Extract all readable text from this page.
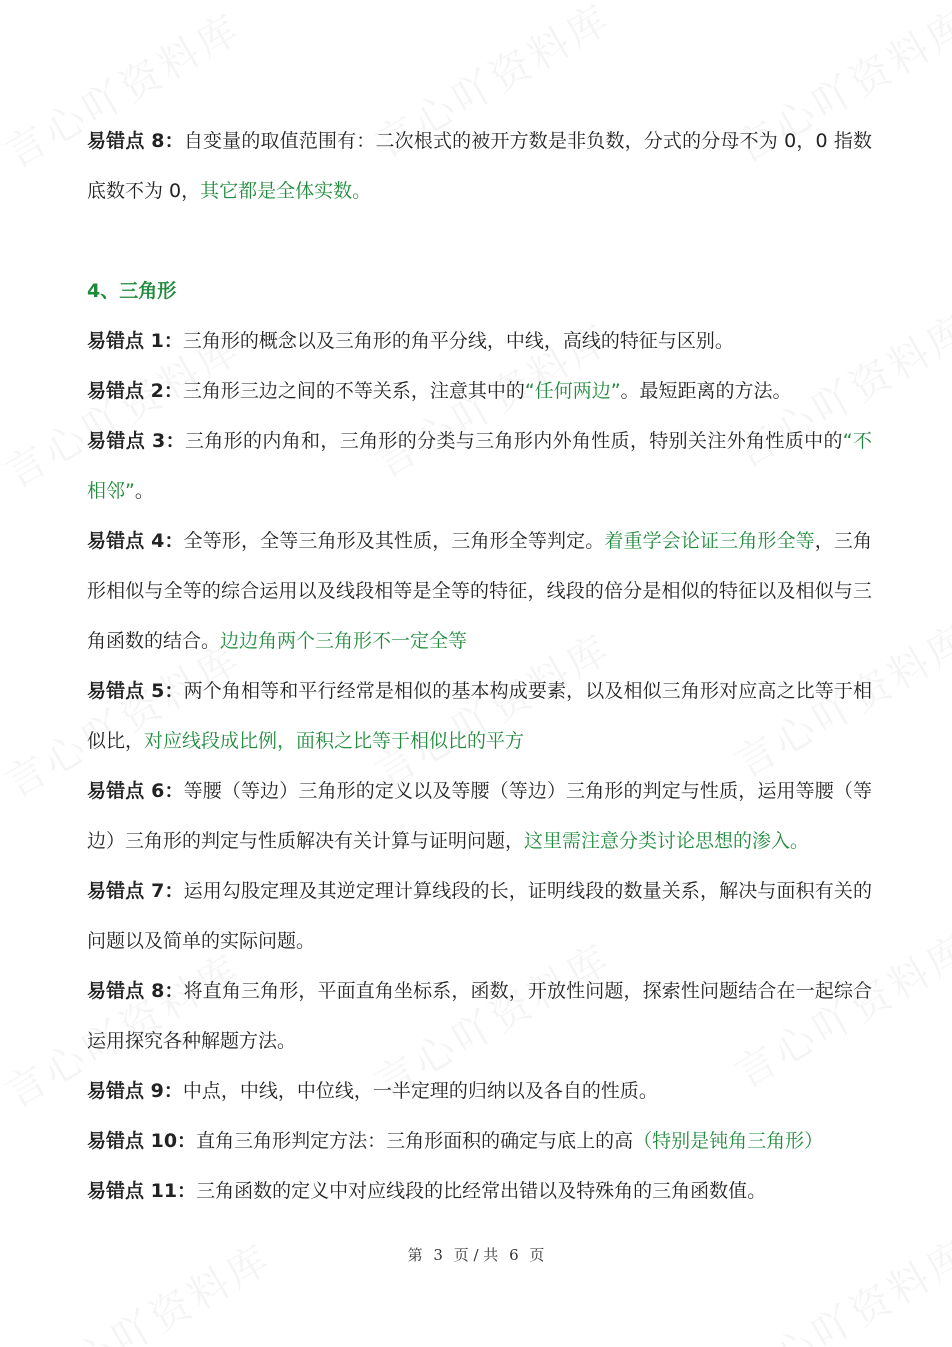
易错点 8：自变量的取值范围有：二次根式的被开方数是非负数，分式的分母不为 0，0 指数底数不为 0，其它都是全体实数。

4、三角形

易错点 1：三角形的概念以及三角形的角平分线，中线，高线的特征与区别。

易错点 2：三角形三边之间的不等关系，注意其中的“任何两边”。最短距离的方法。

易错点 3：三角形的内角和，三角形的分类与三角形内外角性质，特别关注外角性质中的“不相邻”。

易错点 4：全等形，全等三角形及其性质，三角形全等判定。着重学会论证三角形全等，三角形相似与全等的综合运用以及线段相等是全等的特征，线段的倍分是相似的特征以及相似与三角函数的结合。边边角两个三角形不一定全等

易错点 5：两个角相等和平行经常是相似的基本构成要素，以及相似三角形对应高之比等于相似比，对应线段成比例，面积之比等于相似比的平方

易错点 6：等腰（等边）三角形的定义以及等腰（等边）三角形的判定与性质，运用等腰（等边）三角形的判定与性质解决有关计算与证明问题，这里需注意分类讨论思想的渗入。

易错点 7：运用勾股定理及其逆定理计算线段的长，证明线段的数量关系，解决与面积有关的问题以及简单的实际问题。

易错点 8：将直角三角形，平面直角坐标系，函数，开放性问题，探索性问题结合在一起综合运用探究各种解题方法。

易错点 9：中点，中线，中位线，一半定理的归纳以及各自的性质。

易错点 10：直角三角形判定方法：三角形面积的确定与底上的高（特别是钝角三角形）

易错点 11：三角函数的定义中对应线段的比经常出错以及特殊角的三角函数值。

第 3 页 / 共 6 页
